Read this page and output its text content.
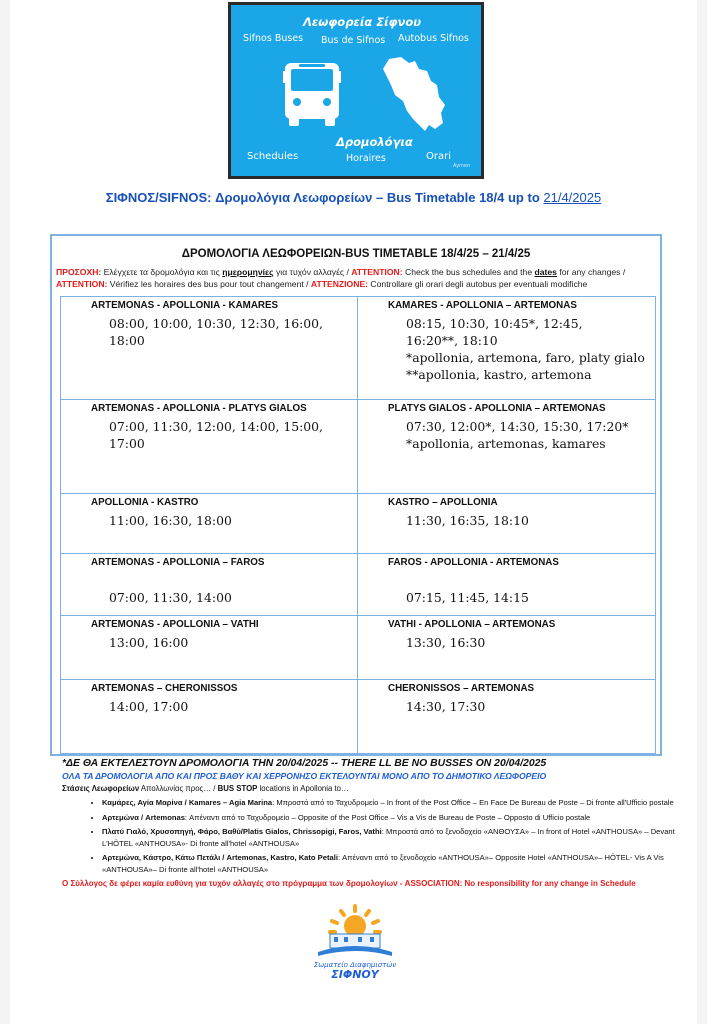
Λεωφορεία Σίφνου
Sifnos Buses Bus de Sifnos Autobus Sifnos
Schedules
Δρομολόγια
Horaires	Orari
Aymen
ΣΙΦΝΟΣ/SIFNOS: Δρομολόγια Λεωφορείων – Bus Timetable 18/4 up to 21/4/2025
ΔΡΟΜΟΛΟΓΙΑ ΛΕΩΦΟΡΕΙΩΝ-BUS TIMETABLE 18/4/25 – 21/4/25
ΠΡΟΣΟΧΗ: Ελέγχετε τα δρομολόγια και τις ημερομηνίες για τυχόν αλλαγές / ATTENTION: Check the bus schedules and the dates for any changes /
ATTENTION: Vérifiez les horaires des bus pour tout changement / ATTENZIONE: Controllare gli orari degli autobus per eventuali modifiche
ARTEMONAS - APOLLONIA - KAMARES
08:00, 10:00, 10:30, 12:30, 16:00,
18:00
KAMARES - APOLLONIA – ARTEMONAS
08:15, 10:30, 10:45*, 12:45,
16:20**, 18:10
*apollonia, artemona, faro, platy gialo
**apollonia, kastro, artemona
ARTEMONAS - APOLLONIA - PLATYS GIALOS
07:00, 11:30, 12:00, 14:00, 15:00,
17:00
PLATYS GIALOS - APOLLONIA – ARTEMONAS
07:30, 12:00*, 14:30, 15:30, 17:20*
*apollonia, artemonas, kamares
APOLLONIA - KASTRO
11:00, 16:30, 18:00
KASTRO – APOLLONIA
11:30, 16:35, 18:10
ARTEMONAS - APOLLONIA – FAROS

07:00, 11:30, 14:00
FAROS - APOLLONIA - ARTEMONAS

07:15, 11:45, 14:15
ARTEMONAS - APOLLONIA – VATHI
13:00, 16:00
VATHI - APOLLONIA – ARTEMONAS
13:30, 16:30
ARTEMONAS – CHERONISSOS
14:00, 17:00
CHERONISSOS – ARTEMONAS
14:30, 17:30
*ΔΕ ΘΑ ΕΚΤΕΛΕΣΤΟΥΝ ΔΡΟΜΟΛΟΓΙΑ ΤΗΝ 20/04/2025 -- THERE LL BE NO BUSSES ON 20/04/2025
ΟΛΑ ΤΑ ΔΡΟΜΟΛΟΓΙΑ ΑΠΟ ΚΑΙ ΠΡΟΣ ΒΑΘΥ ΚΑΙ ΧΕΡΡΟΝΗΣΟ ΕΚΤΕΛΟΥΝΤΑΙ ΜΟΝΟ ΑΠΟ ΤΟ ΔΗΜΟΤΙΚΟ ΛΕΩΦΟΡΕΙΟ
Στάσεις Λεωφορείων Απολλωνίας προς… / BUS STOP locations in Apollonia to…
• Καμάρες, Αγία Μαρίνα / Kamares – Agia Marina: Μπροστά από το Ταχυδρομείο – In front of the Post Office – En Face De Bureau de Poste – Di fronte all'Ufficio postale
• Αρτεμώνα / Artemonas: Απέναντι από το Ταχυδρομείο – Opposite of the Post Office – Vis a Vis de Bureau de Poste – Opposto di Ufficio postale
• Πλατύ Γιαλό, Χρυσοπηγή, Φάρο, Βαθύ/Platis Gialos, Chrissopigi, Faros, Vathi: Μπροστά από το ξενοδοχείο «ΑΝΘΟΥΣΑ» – In front of Hotel «ANTHOUSA» – Devant L'HÔTEL «ANTHOUSA»- Di fronte all'hotel «ANTHOUSA»
• Αρτεμώνα, Κάστρο, Κάτω Πετάλι / Artemonas, Kastro, Kato Petali: Απέναντι από το ξενοδοχείο «ANTHOUSA»– Opposite Hotel «ANTHOUSA»– HÔTEL- Vis A Vis «ANTHOUSA»– Di fronte all'hotel «ANTHOUSA»
Ο Σύλλογος δε φέρει καμία ευθύνη για τυχόν αλλαγές στο πρόγραμμα των δρομολογίων - ASSOCIATION: No responsibility for any change in Schedule
Σωματείο Διαφημιστών
ΣΙΦΝΟΥ
